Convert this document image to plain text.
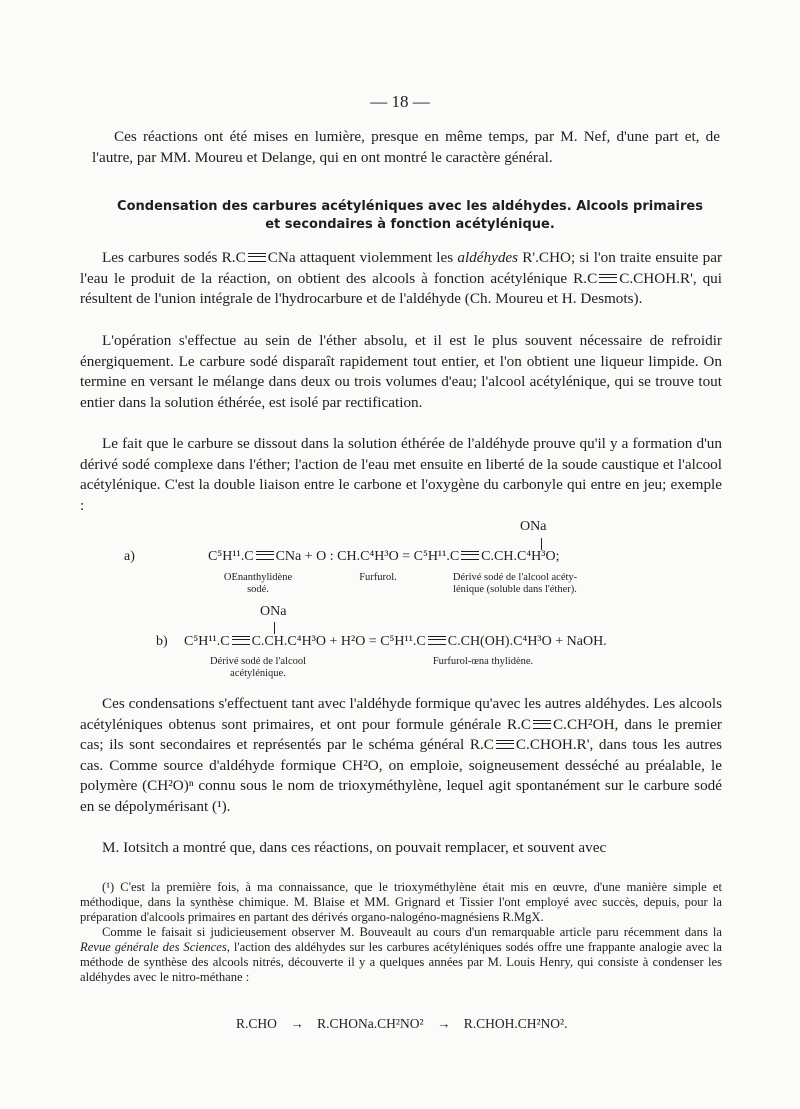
— 18 —

Ces réactions ont été mises en lumière, presque en même temps, par M. Nef, d'une part et, de l'autre, par MM. Moureu et Delange, qui en ont montré le caractère général.

Condensation des carbures acétyléniques avec les aldéhydes. Alcools primaires
et secondaires à fonction acétylénique.

Les carbures sodés R.C CNa attaquent violemment les aldéhydes R'.CHO; si l'on traite ensuite par l'eau le produit de la réaction, on obtient des alcools à fonction acétylénique R.C C.CHOH.R', qui résultent de l'union intégrale de l'hydrocarbure et de l'aldéhyde (Ch. Moureu et H. Desmots).

L'opération s'effectue au sein de l'éther absolu, et il est le plus souvent nécessaire de refroidir énergiquement. Le carbure sodé disparaît rapidement tout entier, et l'on obtient une liqueur limpide. On termine en versant le mélange dans deux ou trois volumes d'eau; l'alcool acétylénique, qui se trouve tout entier dans la solution éthérée, est isolé par rectification.

Le fait que le carbure se dissout dans la solution éthérée de l'aldéhyde prouve qu'il y a formation d'un dérivé sodé complexe dans l'éther; l'action de l'eau met ensuite en liberté de la soude caustique et l'alcool acétylénique. C'est la double liaison entre le carbone et l'oxygène du carbonyle qui entre en jeu; exemple :

ONa
a)	C⁵H¹¹.C CNa + O : CH.C⁴H³O = C⁵H¹¹.C C.CH.C⁴H³O;
OEnanthylidène
sodé.
Furfurol.	Dérivé sodé de l'alcool acéty-
lénique (soluble dans l'éther).
ONa
b) C⁵H¹¹.C C.CH.C⁴H³O + H²O = C⁵H¹¹.C C.CH(OH).C⁴H³O + NaOH.
Dérivé sodé de l'alcool
acétylénique.
Furfurol-œna thylidène.

Ces condensations s'effectuent tant avec l'aldéhyde formique qu'avec les autres aldéhydes. Les alcools acétyléniques obtenus sont primaires, et ont pour formule générale R.C C.CH²OH, dans le premier cas; ils sont secondaires et représentés par le schéma général R.C C.CHOH.R', dans tous les autres cas. Comme source d'aldéhyde formique CH²O, on emploie, soigneusement desséché au préalable, le polymère (CH²O)ⁿ connu sous le nom de trioxyméthylène, lequel agit spontanément sur le carbure sodé en se dépolymérisant (¹).

M. Iotsitch a montré que, dans ces réactions, on pouvait remplacer, et souvent avec

(¹) C'est la première fois, à ma connaissance, que le trioxyméthylène était mis en œuvre, d'une manière simple et méthodique, dans la synthèse chimique. M. Blaise et MM. Grignard et Tissier l'ont employé avec succès, depuis, pour la préparation d'alcools primaires en partant des dérivés organo-nalogéno-magnésiens R.MgX.

Comme le faisait si judicieusement observer M. Bouveault au cours d'un remarquable article paru récemment dans la Revue générale des Sciences, l'action des aldéhydes sur les carbures acétyléniques sodés offre une frappante analogie avec la méthode de synthèse des alcools nitrés, découverte il y a quelques années par M. Louis Henry, qui consiste à condenser les aldéhydes avec le nitro-méthane :

R.CHO → R.CHONa.CH²NO² → R.CHOH.CH²NO².
